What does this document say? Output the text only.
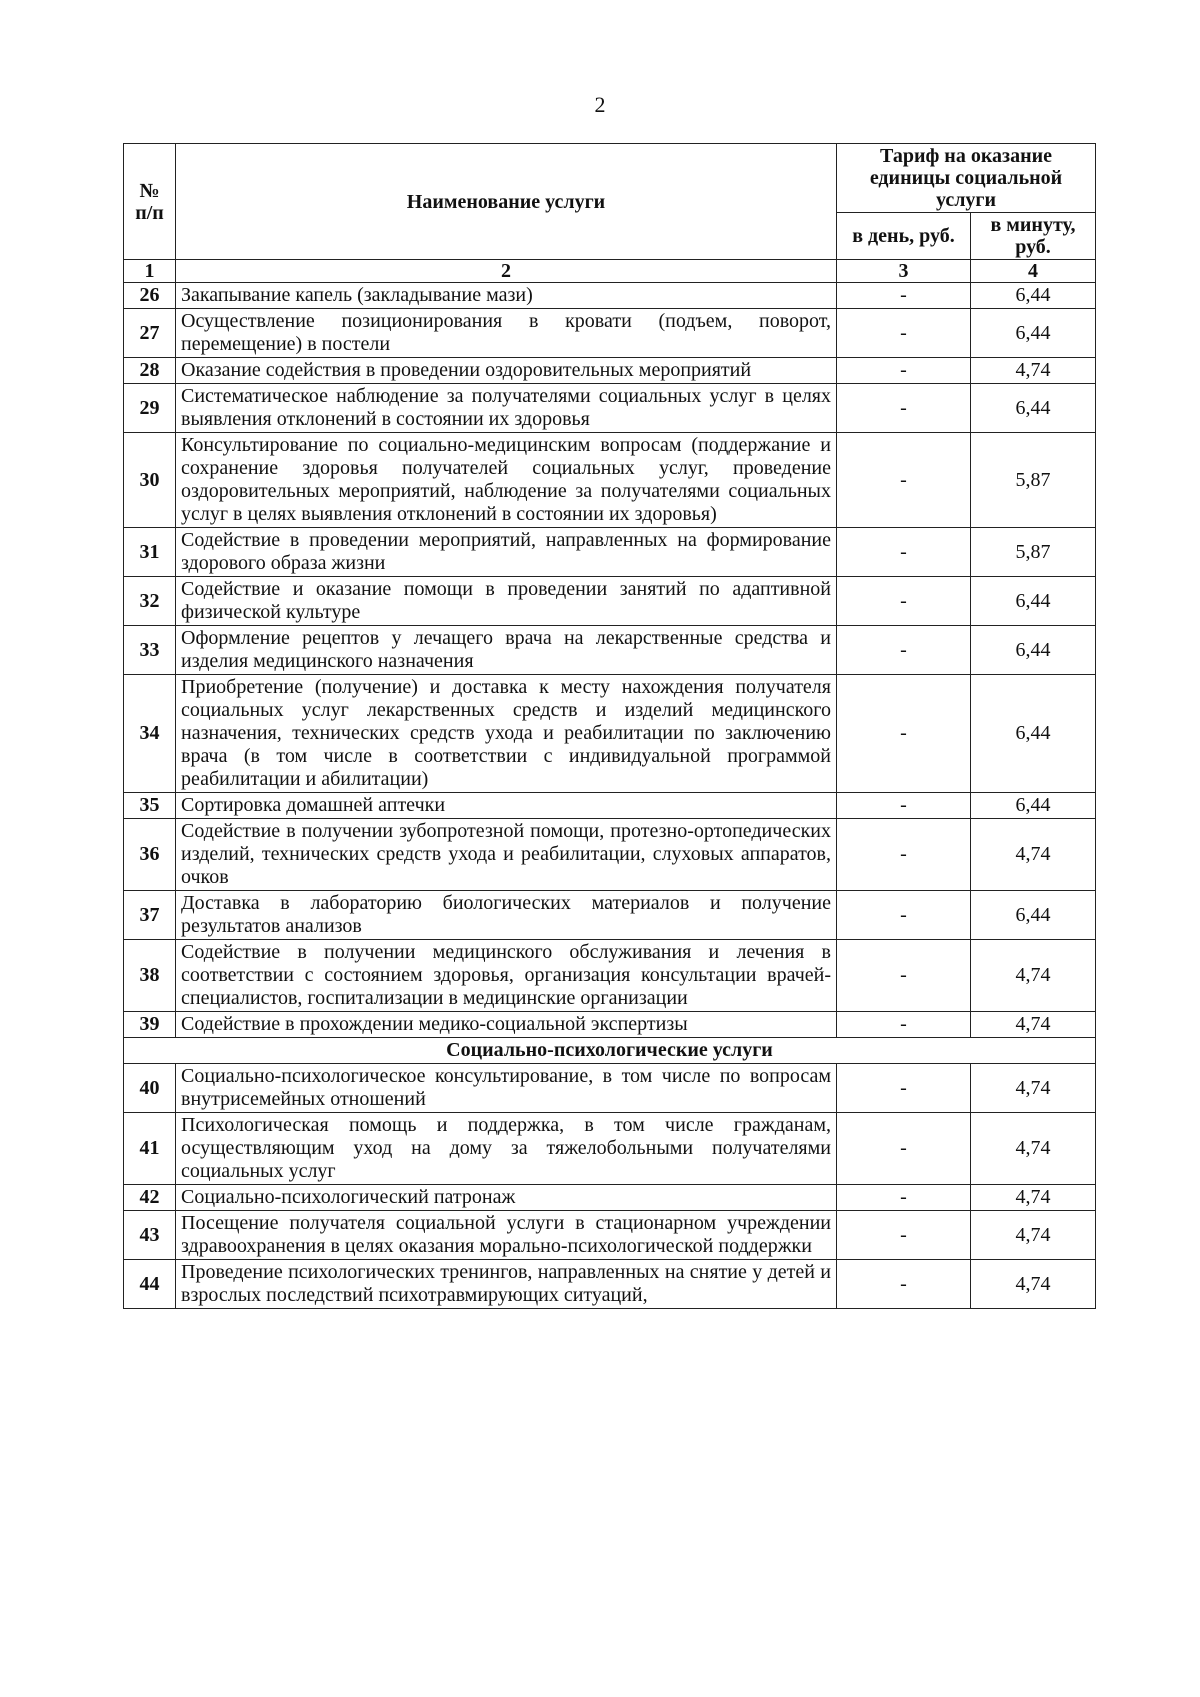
2
№ п/п	Наименование услуги	Тариф на оказание единицы социальной услуги	
		в день, руб.	в минуту, руб.
1	2	3	4
26	Закапывание капель (закладывание мази)	-	6,44
27	Осуществление позиционирования в кровати (подъем, поворот, перемещение) в постели	-	6,44
28	Оказание содействия в проведении оздоровительных мероприятий	-	4,74
29	Систематическое наблюдение за получателями социальных услуг в целях выявления отклонений в состоянии их здоровья	-	6,44
30	Консультирование по социально-медицинским вопросам (поддержание и сохранение здоровья получателей социальных услуг, проведение оздоровительных мероприятий, наблюдение за получателями социальных услуг в целях выявления отклонений в состоянии их здоровья)	-	5,87
31	Содействие в проведении мероприятий, направленных на формирование здорового образа жизни	-	5,87
32	Содействие и оказание помощи в проведении занятий по адаптивной физической культуре	-	6,44
33	Оформление рецептов у лечащего врача на лекарственные средства и изделия медицинского назначения	-	6,44
34	Приобретение (получение) и доставка к месту нахождения получателя социальных услуг лекарственных средств и изделий медицинского назначения, технических средств ухода и реабилитации по заключению врача (в том числе в соответствии с индивидуальной программой реабилитации и абилитации)	-	6,44
35	Сортировка домашней аптечки	-	6,44
36	Содействие в получении зубопротезной помощи, протезно-ортопедических изделий, технических средств ухода и реабилитации, слуховых аппаратов, очков	-	4,74
37	Доставка в лабораторию биологических материалов и получение результатов анализов	-	6,44
38	Содействие в получении медицинского обслуживания и лечения в соответствии с состоянием здоровья, организация консультации врачей-специалистов, госпитализации в медицинские организации	-	4,74
39	Содействие в прохождении медико-социальной экспертизы	-	4,74
Социально-психологические услуги			
40	Социально-психологическое консультирование, в том числе по вопросам внутрисемейных отношений	-	4,74
41	Психологическая помощь и поддержка, в том числе гражданам, осуществляющим уход на дому за тяжелобольными получателями социальных услуг	-	4,74
42	Социально-психологический патронаж	-	4,74
43	Посещение получателя социальной услуги в стационарном учреждении здравоохранения в целях оказания морально-психологической поддержки	-	4,74
44	Проведение психологических тренингов, направленных на снятие у детей и взрослых последствий психотравмирующих ситуаций,	-	4,74
